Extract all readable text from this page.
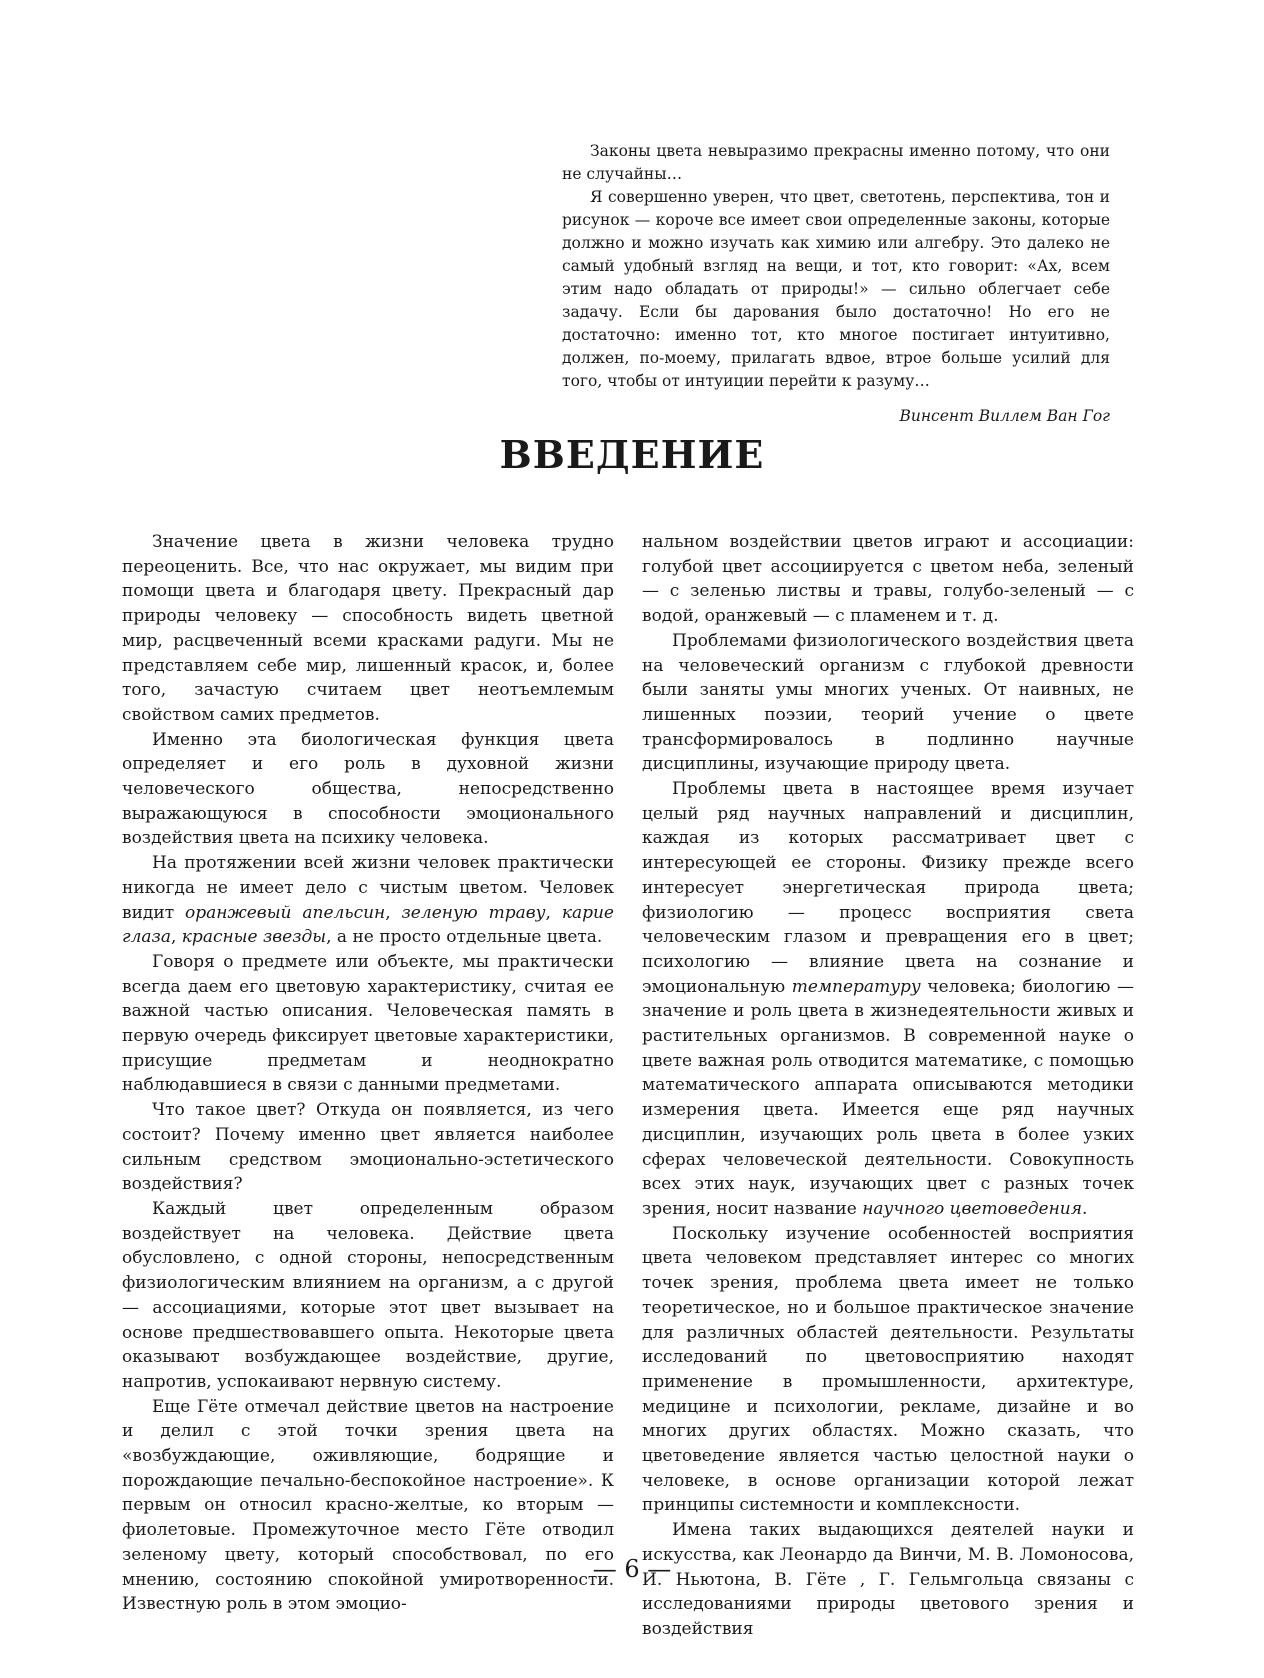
Законы цвета невыразимо прекрасны именно потому, что они не случайны…

Я совершенно уверен, что цвет, светотень, перспектива, тон и рисунок — короче все имеет свои определенные законы, которые должно и можно изучать как химию или алгебру. Это далеко не самый удобный взгляд на вещи, и тот, кто говорит: «Ах, всем этим надо обладать от природы!» — сильно облегчает себе задачу. Если бы дарования было достаточно! Но его не достаточно: именно тот, кто многое постигает интуитивно, должен, по-моему, прилагать вдвое, втрое больше усилий для того, чтобы от интуиции перейти к разуму…

Винсент Виллем Ван Гог

ВВЕДЕНИЕ

Значение цвета в жизни человека трудно переоценить. Все, что нас окружает, мы видим при помощи цвета и благодаря цвету. Прекрасный дар природы человеку — способность видеть цветной мир, расцвеченный всеми красками радуги. Мы не представляем себе мир, лишенный красок, и, более того, зачастую считаем цвет неотъемлемым свойством самих предметов.

Именно эта биологическая функция цвета определяет и его роль в духовной жизни человеческого общества, непосредственно выражающуюся в способности эмоционального воздействия цвета на психику человека.

На протяжении всей жизни человек практически никогда не имеет дело с чистым цветом. Человек видит оранжевый апельсин, зеленую траву, карие глаза, красные звезды, а не просто отдельные цвета.

Говоря о предмете или объекте, мы практически всегда даем его цветовую характеристику, считая ее важной частью описания. Человеческая память в первую очередь фиксирует цветовые характеристики, присущие предметам и неоднократно наблюдавшиеся в связи с данными предметами.

Что такое цвет? Откуда он появляется, из чего состоит? Почему именно цвет является наиболее сильным средством эмоционально-эстетического воздействия?

Каждый цвет определенным образом воздействует на человека. Действие цвета обусловлено, с одной стороны, непосредственным физиологическим влиянием на организм, а с другой — ассоциациями, которые этот цвет вызывает на основе предшествовавшего опыта. Некоторые цвета оказывают возбуждающее воздействие, другие, напротив, успокаивают нервную систему.

Еще Гёте отмечал действие цветов на настроение и делил с этой точки зрения цвета на «возбуждающие, оживляющие, бодрящие и порождающие печально-беспокойное настроение». К первым он относил красно-желтые, ко вторым — фиолетовые. Промежуточное место Гёте отводил зеленому цвету, который способствовал, по его мнению, состоянию спокойной умиротворенности. Известную роль в этом эмоцио-

нальном воздействии цветов играют и ассоциации: голубой цвет ассоциируется с цветом неба, зеленый — с зеленью листвы и травы, голубо-зеленый — с водой, оранжевый — с пламенем и т. д.

Проблемами физиологического воздействия цвета на человеческий организм с глубокой древности были заняты умы многих ученых. От наивных, не лишенных поэзии, теорий учение о цвете трансформировалось в подлинно научные дисциплины, изучающие природу цвета.

Проблемы цвета в настоящее время изучает целый ряд научных направлений и дисциплин, каждая из которых рассматривает цвет с интересующей ее стороны. Физику прежде всего интересует энергетическая природа цвета; физиологию — процесс восприятия света человеческим глазом и превращения его в цвет; психологию — влияние цвета на сознание и эмоциональную температуру человека; биологию — значение и роль цвета в жизнедеятельности живых и растительных организмов. В современной науке о цвете важная роль отводится математике, с помощью математического аппарата описываются методики измерения цвета. Имеется еще ряд научных дисциплин, изучающих роль цвета в более узких сферах человеческой деятельности. Совокупность всех этих наук, изучающих цвет с разных точек зрения, носит название научного цветоведения.

Поскольку изучение особенностей восприятия цвета человеком представляет интерес со многих точек зрения, проблема цвета имеет не только теоретическое, но и большое практическое значение для различных областей деятельности. Результаты исследований по цветовосприятию находят применение в промышленности, архитектуре, медицине и психологии, рекламе, дизайне и во многих других областях. Можно сказать, что цветоведение является частью целостной науки о человеке, в основе организации которой лежат принципы системности и комплексности.

Имена таких выдающихся деятелей науки и искусства, как Леонардо да Винчи, М. В. Ломоносова, И. Ньютона, В. Гёте , Г. Гельмгольца связаны с исследованиями природы цветового зрения и воздействия

— 6 —
